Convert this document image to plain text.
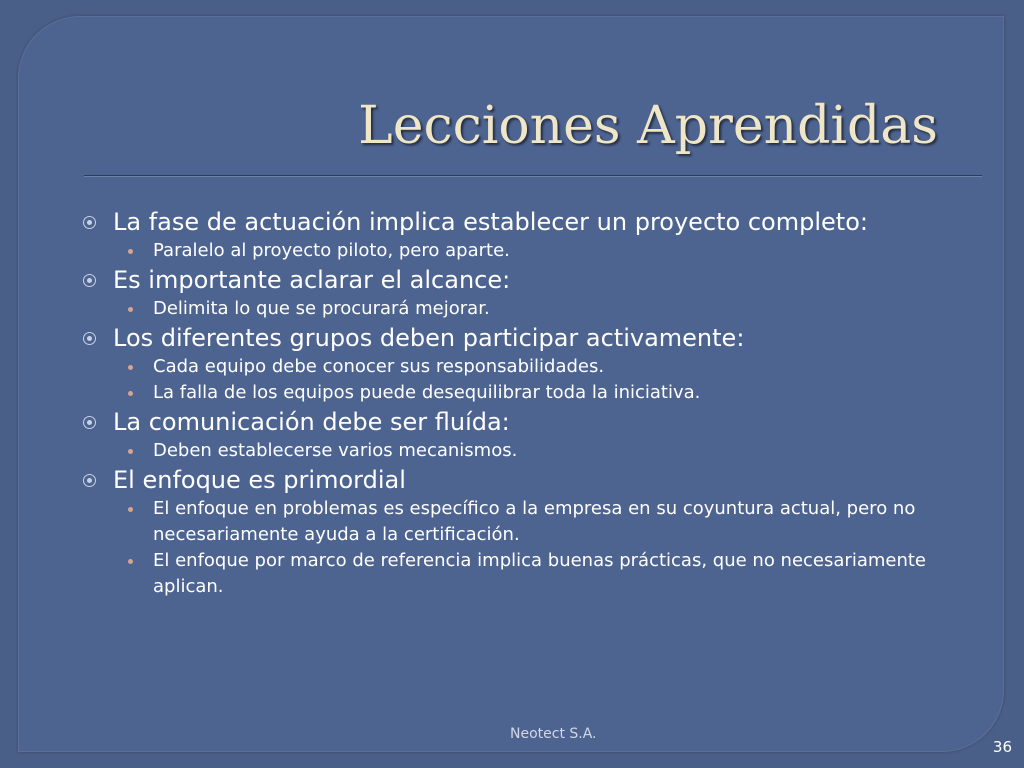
Lecciones Aprendidas
La fase de actuación implica establecer un proyecto completo:
Paralelo al proyecto piloto, pero aparte.
Es importante aclarar el alcance:
Delimita lo que se procurará mejorar.
Los diferentes grupos deben participar activamente:
Cada equipo debe conocer sus responsabilidades.
La falla de los equipos puede desequilibrar toda la iniciativa.
La comunicación debe ser fluída:
Deben establecerse varios mecanismos.
El enfoque es primordial
El enfoque en problemas es específico a la empresa en su coyuntura actual, pero no necesariamente ayuda a la certificación.
El enfoque por marco de referencia implica buenas prácticas, que no necesariamente aplican.
Neotect S.A.
36
